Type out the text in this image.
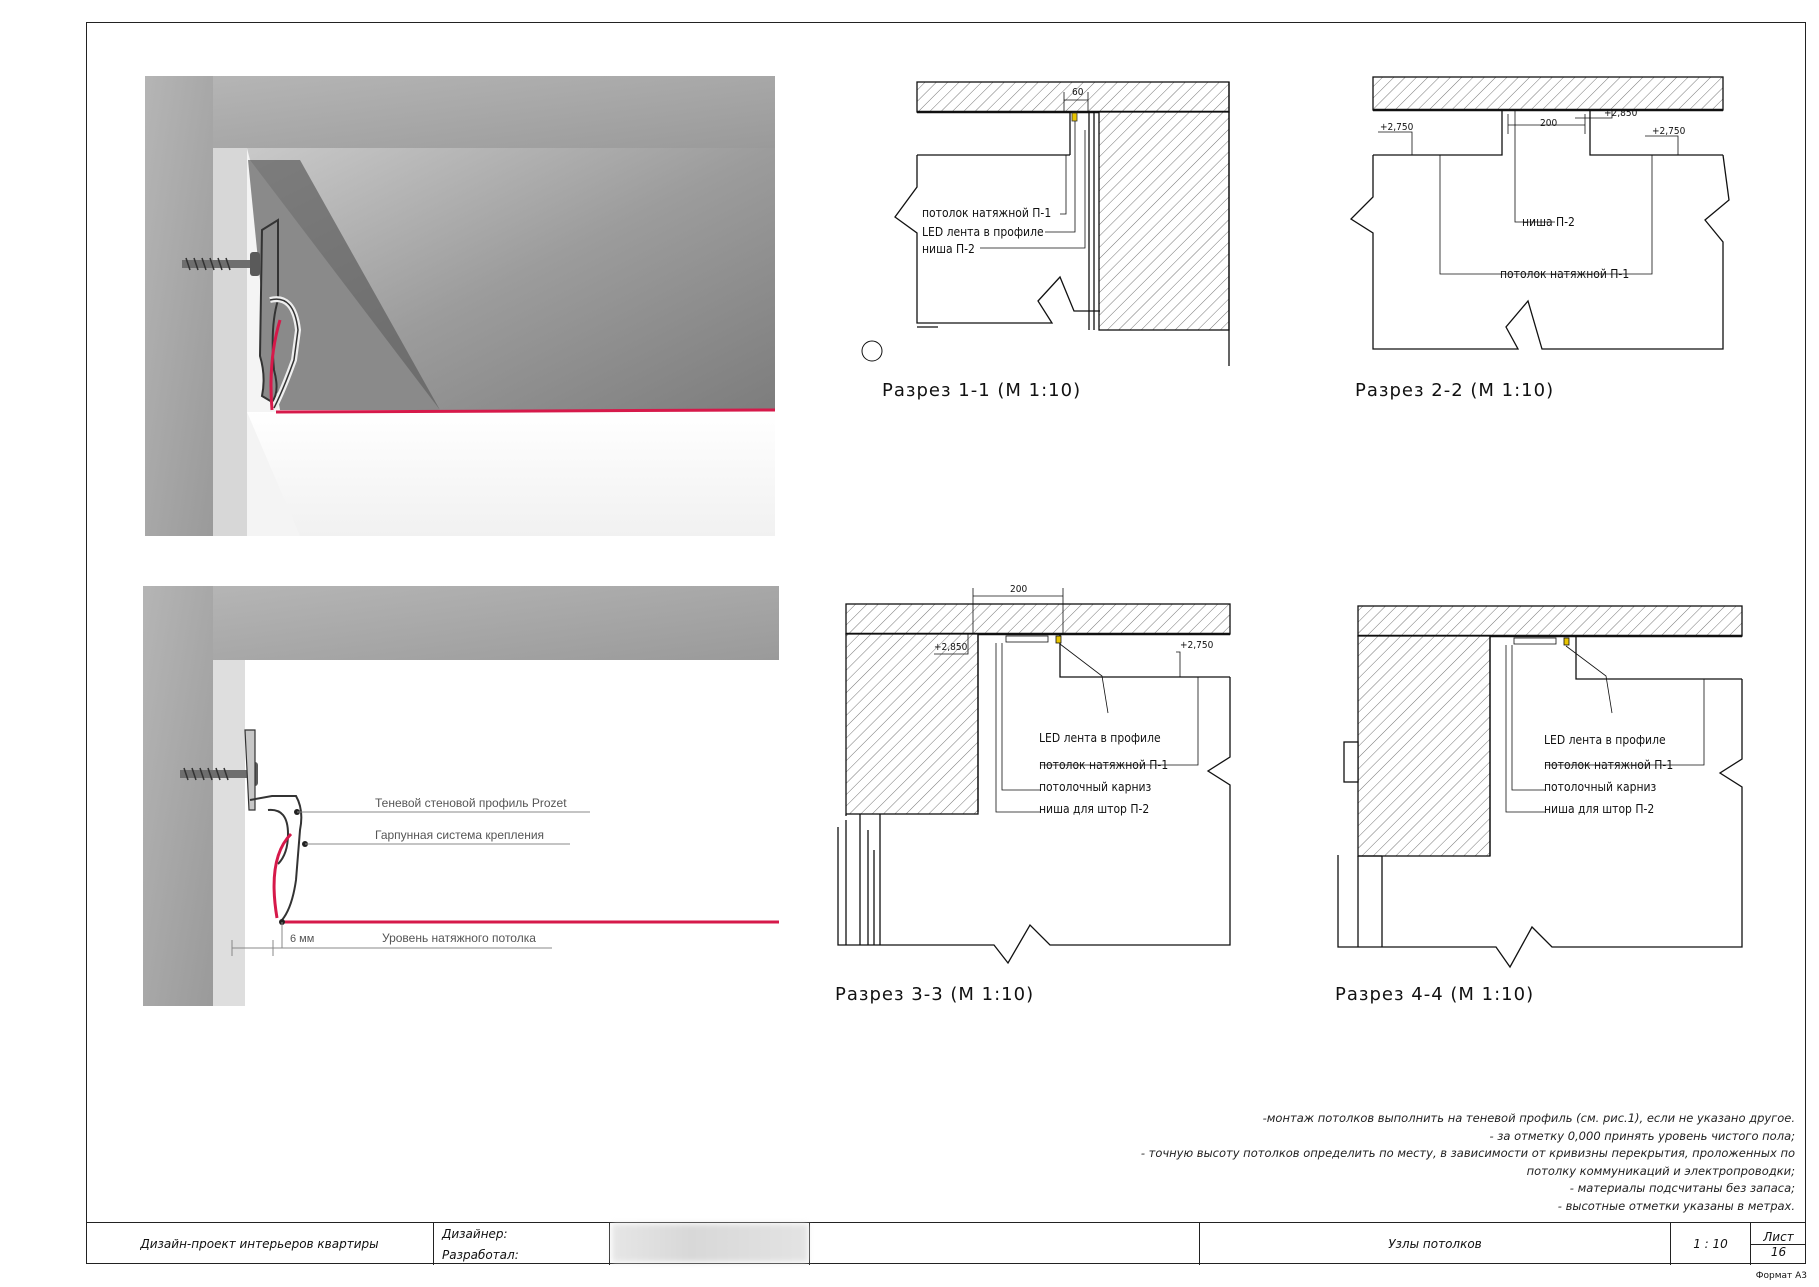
Теневой стеновой профиль Prozet
Гарпунная система крепления
6 мм	Уровень натяжного потолка
60
потолок натяжной П-1
LED лента в профиле
ниша П-2
Разрез 1-1 (М 1:10)
200
+2,750	+2,750
+2,850
ниша П-2
потолок натяжной П-1
Разрез 2-2 (М 1:10)
200
+2,850	+2,750
LED лента в профиле
потолок натяжной П-1
потолочный карниз
ниша для штор П-2
Разрез 3-3 (М 1:10)
LED лента в профиле
потолок натяжной П-1
потолочный карниз
ниша для штор П-2
Разрез 4-4 (М 1:10)
-монтаж потолков выполнить на теневой профиль (см. рис.1), если не указано другое.
- за отметку 0,000 принять уровень чистого пола;
- точную высоту потолков определить по месту, в зависимости от кривизны перекрытия, проложенных по
потолку коммуникаций и электропроводки;
- материалы подсчитаны без запаса;
- высотные отметки указаны в метрах.
Дизайн-проект интерьеров квартиры
Дизайнер:
Разработал:
Узлы потолков	1 : 10
Лист
16
Формат А3
